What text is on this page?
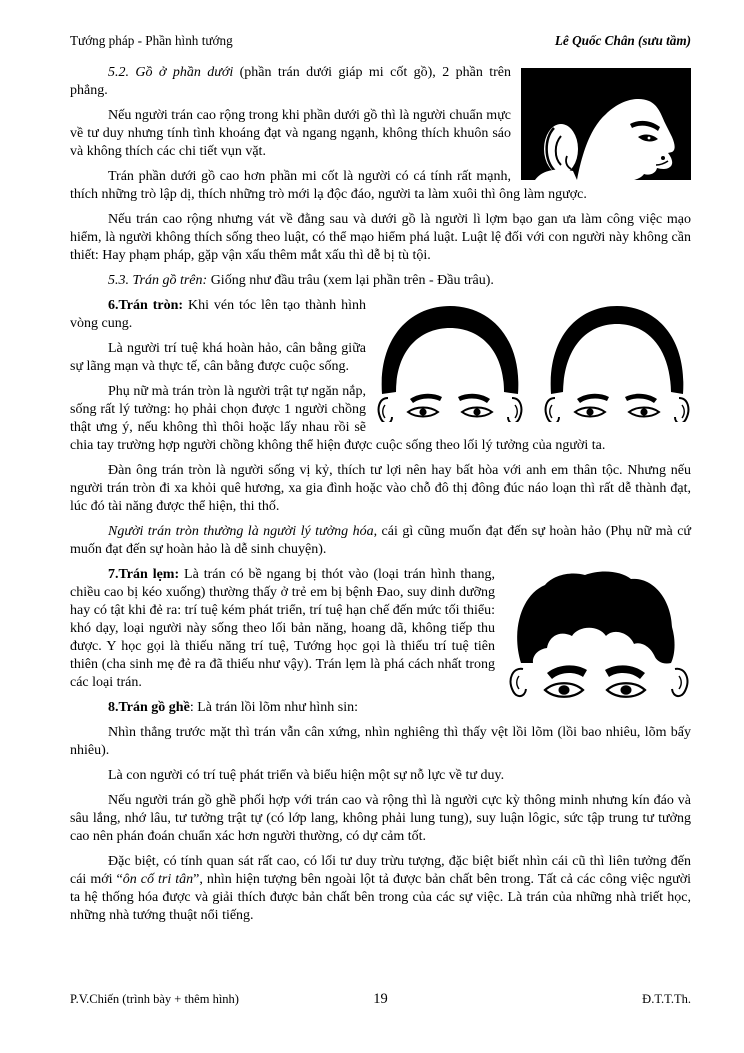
Tướng pháp - Phần hình tướng	Lê Quốc Chân (sưu tầm)

5.2. Gồ ở phần dưới (phần trán dưới giáp mi cốt gồ), 2 phần trên phẳng.

Nếu người trán cao rộng trong khi phần dưới gồ thì là người chuẩn mực về tư duy nhưng tính tình khoáng đạt và ngang ngạnh, không thích khuôn sáo và không thích các chi tiết vụn vặt.

Trán phần dưới gồ cao hơn phần mi cốt là người có cá tính rất mạnh, thích những trò lập dị, thích những trò mới lạ độc đáo, người ta làm xuôi thì ông làm ngược.

Nếu trán cao rộng nhưng vát về đằng sau và dưới gồ là người lì lợm bạo gan ưa làm công việc mạo hiểm, là người không thích sống theo luật, có thể mạo hiểm phá luật. Luật lệ đối với con người này không cần thiết: Hay phạm pháp, gặp vận xấu thêm mắt xấu thì dễ bị tù tội.

5.3. Trán gồ trên: Giống như đầu trâu (xem lại phần trên - Đầu trâu).

6.Trán tròn: Khi vén tóc lên tạo thành hình vòng cung.

Là người trí tuệ khá hoàn hảo, cân bằng giữa sự lãng mạn và thực tế, cân bằng được cuộc sống.

Phụ nữ mà trán tròn là người trật tự ngăn nắp, sống rất lý tưởng: họ phải chọn được 1 người chồng thật ưng ý, nếu không thì thôi hoặc lấy nhau rồi sẽ chia tay trường hợp người chồng không thể hiện được cuộc sống theo lối lý tưởng của người ta.

Đàn ông trán tròn là người sống vị kỷ, thích tư lợi nên hay bất hòa với anh em thân tộc. Nhưng nếu người trán tròn đi xa khỏi quê hương, xa gia đình hoặc vào chỗ đô thị đông đúc náo loạn thì rất dễ thành đạt, lúc đó tài năng được thể hiện, thi thố.

Người trán tròn thường là người lý tưởng hóa, cái gì cũng muốn đạt đến sự hoàn hảo (Phụ nữ mà cứ muốn đạt đến sự hoàn hảo là dễ sinh chuyện).

7.Trán lẹm: Là trán có bề ngang bị thót vào (loại trán hình thang, chiều cao bị kéo xuống) thường thấy ở trẻ em bị bệnh Đao, suy dinh dưỡng hay có tật khi đẻ ra: trí tuệ kém phát triển, trí tuệ hạn chế đến mức tối thiểu: khó dạy, loại người này sống theo lối bản năng, hoang dã, không tiếp thu được. Y học gọi là thiếu năng trí tuệ, Tướng học gọi là thiếu trí tuệ tiên thiên (cha sinh mẹ đẻ ra đã thiếu như vậy). Trán lẹm là phá cách nhất trong các loại trán.

8.Trán gồ ghề: Là trán lồi lõm như hình sin:

Nhìn thẳng trước mặt thì trán vẫn cân xứng, nhìn nghiêng thì thấy vệt lồi lõm (lồi bao nhiêu, lõm bấy nhiêu).

Là con người có trí tuệ phát triển và biểu hiện một sự nỗ lực về tư duy.

Nếu người trán gồ ghề phối hợp với trán cao và rộng thì là người cực kỳ thông minh nhưng kín đáo và sâu lắng, nhớ lâu, tư tưởng trật tự (có lớp lang, không phải lung tung), suy luận lôgic, sức tập trung tư tưởng cao nên phán đoán chuẩn xác hơn người thường, có dự cảm tốt.

Đặc biệt, có tính quan sát rất cao, có lối tư duy trừu tượng, đặc biệt biết nhìn cái cũ thì liên tưởng đến cái mới “ôn cố tri tân”, nhìn hiện tượng bên ngoài lột tả được bản chất bên trong. Tất cả các công việc người ta hệ thống hóa được và giải thích được bản chất bên trong của các sự việc. Là trán của những nhà triết học, những nhà tướng thuật nổi tiếng.

P.V.Chiến (trình bày + thêm hình)	19	Đ.T.T.Th.
